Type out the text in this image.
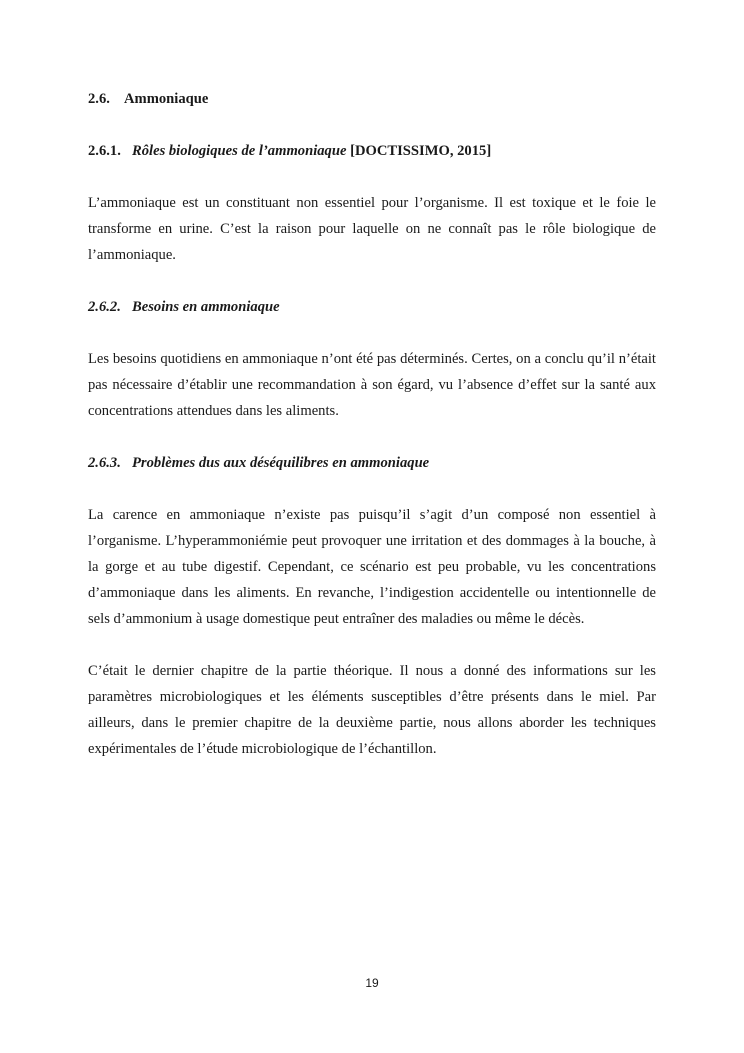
2.6. Ammoniaque
2.6.1. Rôles biologiques de l’ammoniaque [DOCTISSIMO, 2015]

L’ammoniaque est un constituant non essentiel pour l’organisme. Il est toxique et le foie le transforme en urine. C’est la raison pour laquelle on ne connaît pas le rôle biologique de l’ammoniaque.

2.6.2. Besoins en ammoniaque

Les besoins quotidiens en ammoniaque n’ont été pas déterminés. Certes, on a conclu qu’il n’était pas nécessaire d’établir une recommandation à son égard, vu l’absence d’effet sur la santé aux concentrations attendues dans les aliments.

2.6.3. Problèmes dus aux déséquilibres en ammoniaque

La carence en ammoniaque n’existe pas puisqu’il s’agit d’un composé non essentiel à l’organisme. L’hyperammoniémie peut provoquer une irritation et des dommages à la bouche, à la gorge et au tube digestif. Cependant, ce scénario est peu probable, vu les concentrations d’ammoniaque dans les aliments. En revanche, l’indigestion accidentelle ou intentionnelle de sels d’ammonium à usage domestique peut entraîner des maladies ou même le décès.

C’était le dernier chapitre de la partie théorique. Il nous a donné des informations sur les paramètres microbiologiques et les éléments susceptibles d’être présents dans le miel. Par ailleurs, dans le premier chapitre de la deuxième partie, nous allons aborder les techniques expérimentales de l’étude microbiologique de l’échantillon.

19
